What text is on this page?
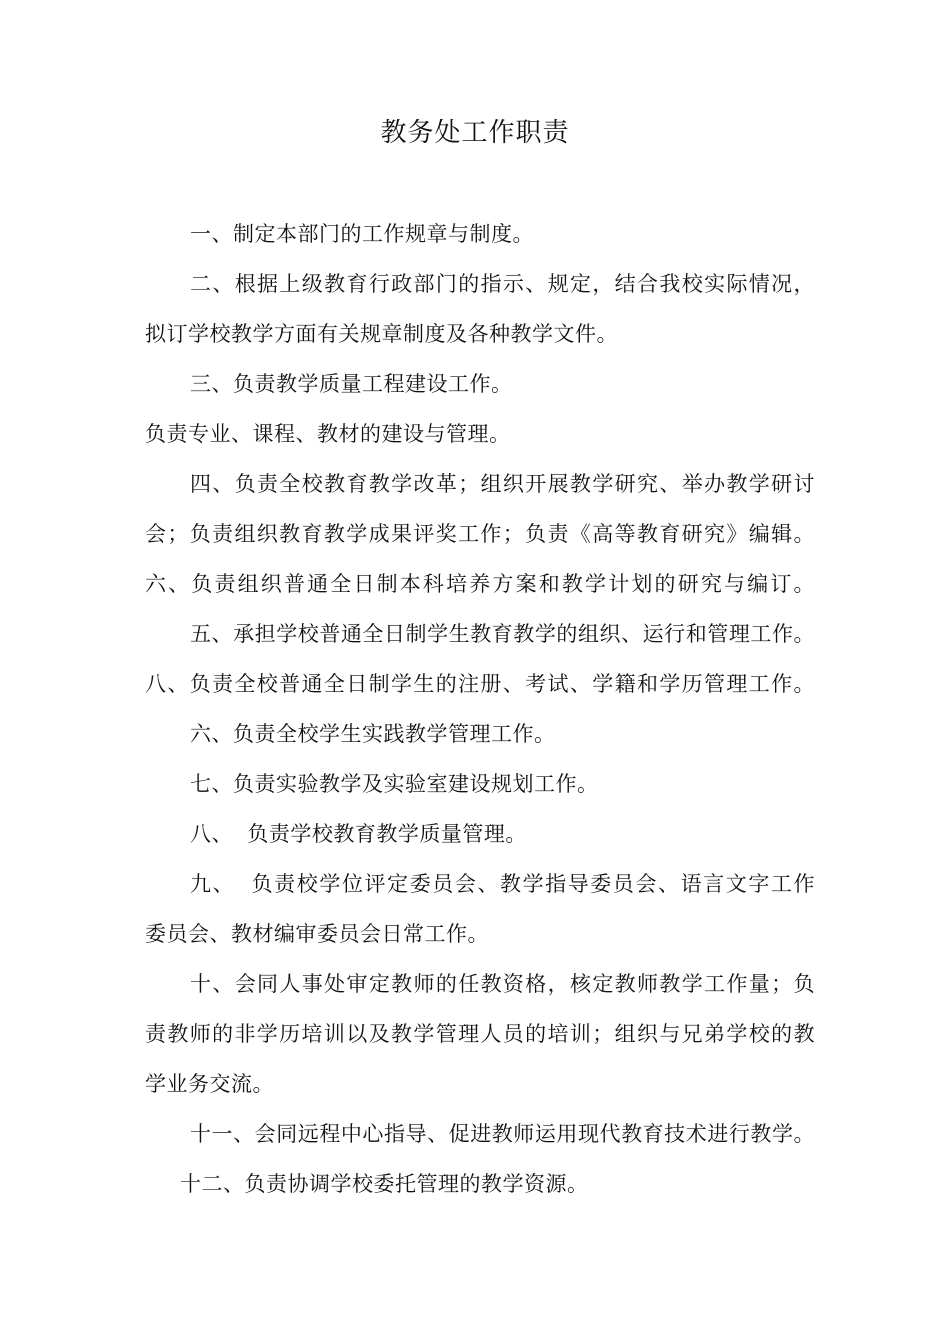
教务处工作职责
一、制定本部门的工作规章与制度。
二、根据上级教育行政部门的指示、规定，结合我校实际情况，
拟订学校教学方面有关规章制度及各种教学文件。
三、负责教学质量工程建设工作。
负责专业、课程、教材的建设与管理。
四、负责全校教育教学改革；组织开展教学研究、举办教学研讨
会；负责组织教育教学成果评奖工作；负责《高等教育研究》编辑。
六、负责组织普通全日制本科培养方案和教学计划的研究与编订。
五、承担学校普通全日制学生教育教学的组织、运行和管理工作。
八、负责全校普通全日制学生的注册、考试、学籍和学历管理工作。
六、负责全校学生实践教学管理工作。
七、负责实验教学及实验室建设规划工作。
八、  负责学校教育教学质量管理。
九、  负责校学位评定委员会、教学指导委员会、语言文字工作
委员会、教材编审委员会日常工作。
十、会同人事处审定教师的任教资格，核定教师教学工作量；负
责教师的非学历培训以及教学管理人员的培训；组织与兄弟学校的教
学业务交流。
十一、会同远程中心指导、促进教师运用现代教育技术进行教学。
十二、负责协调学校委托管理的教学资源。
